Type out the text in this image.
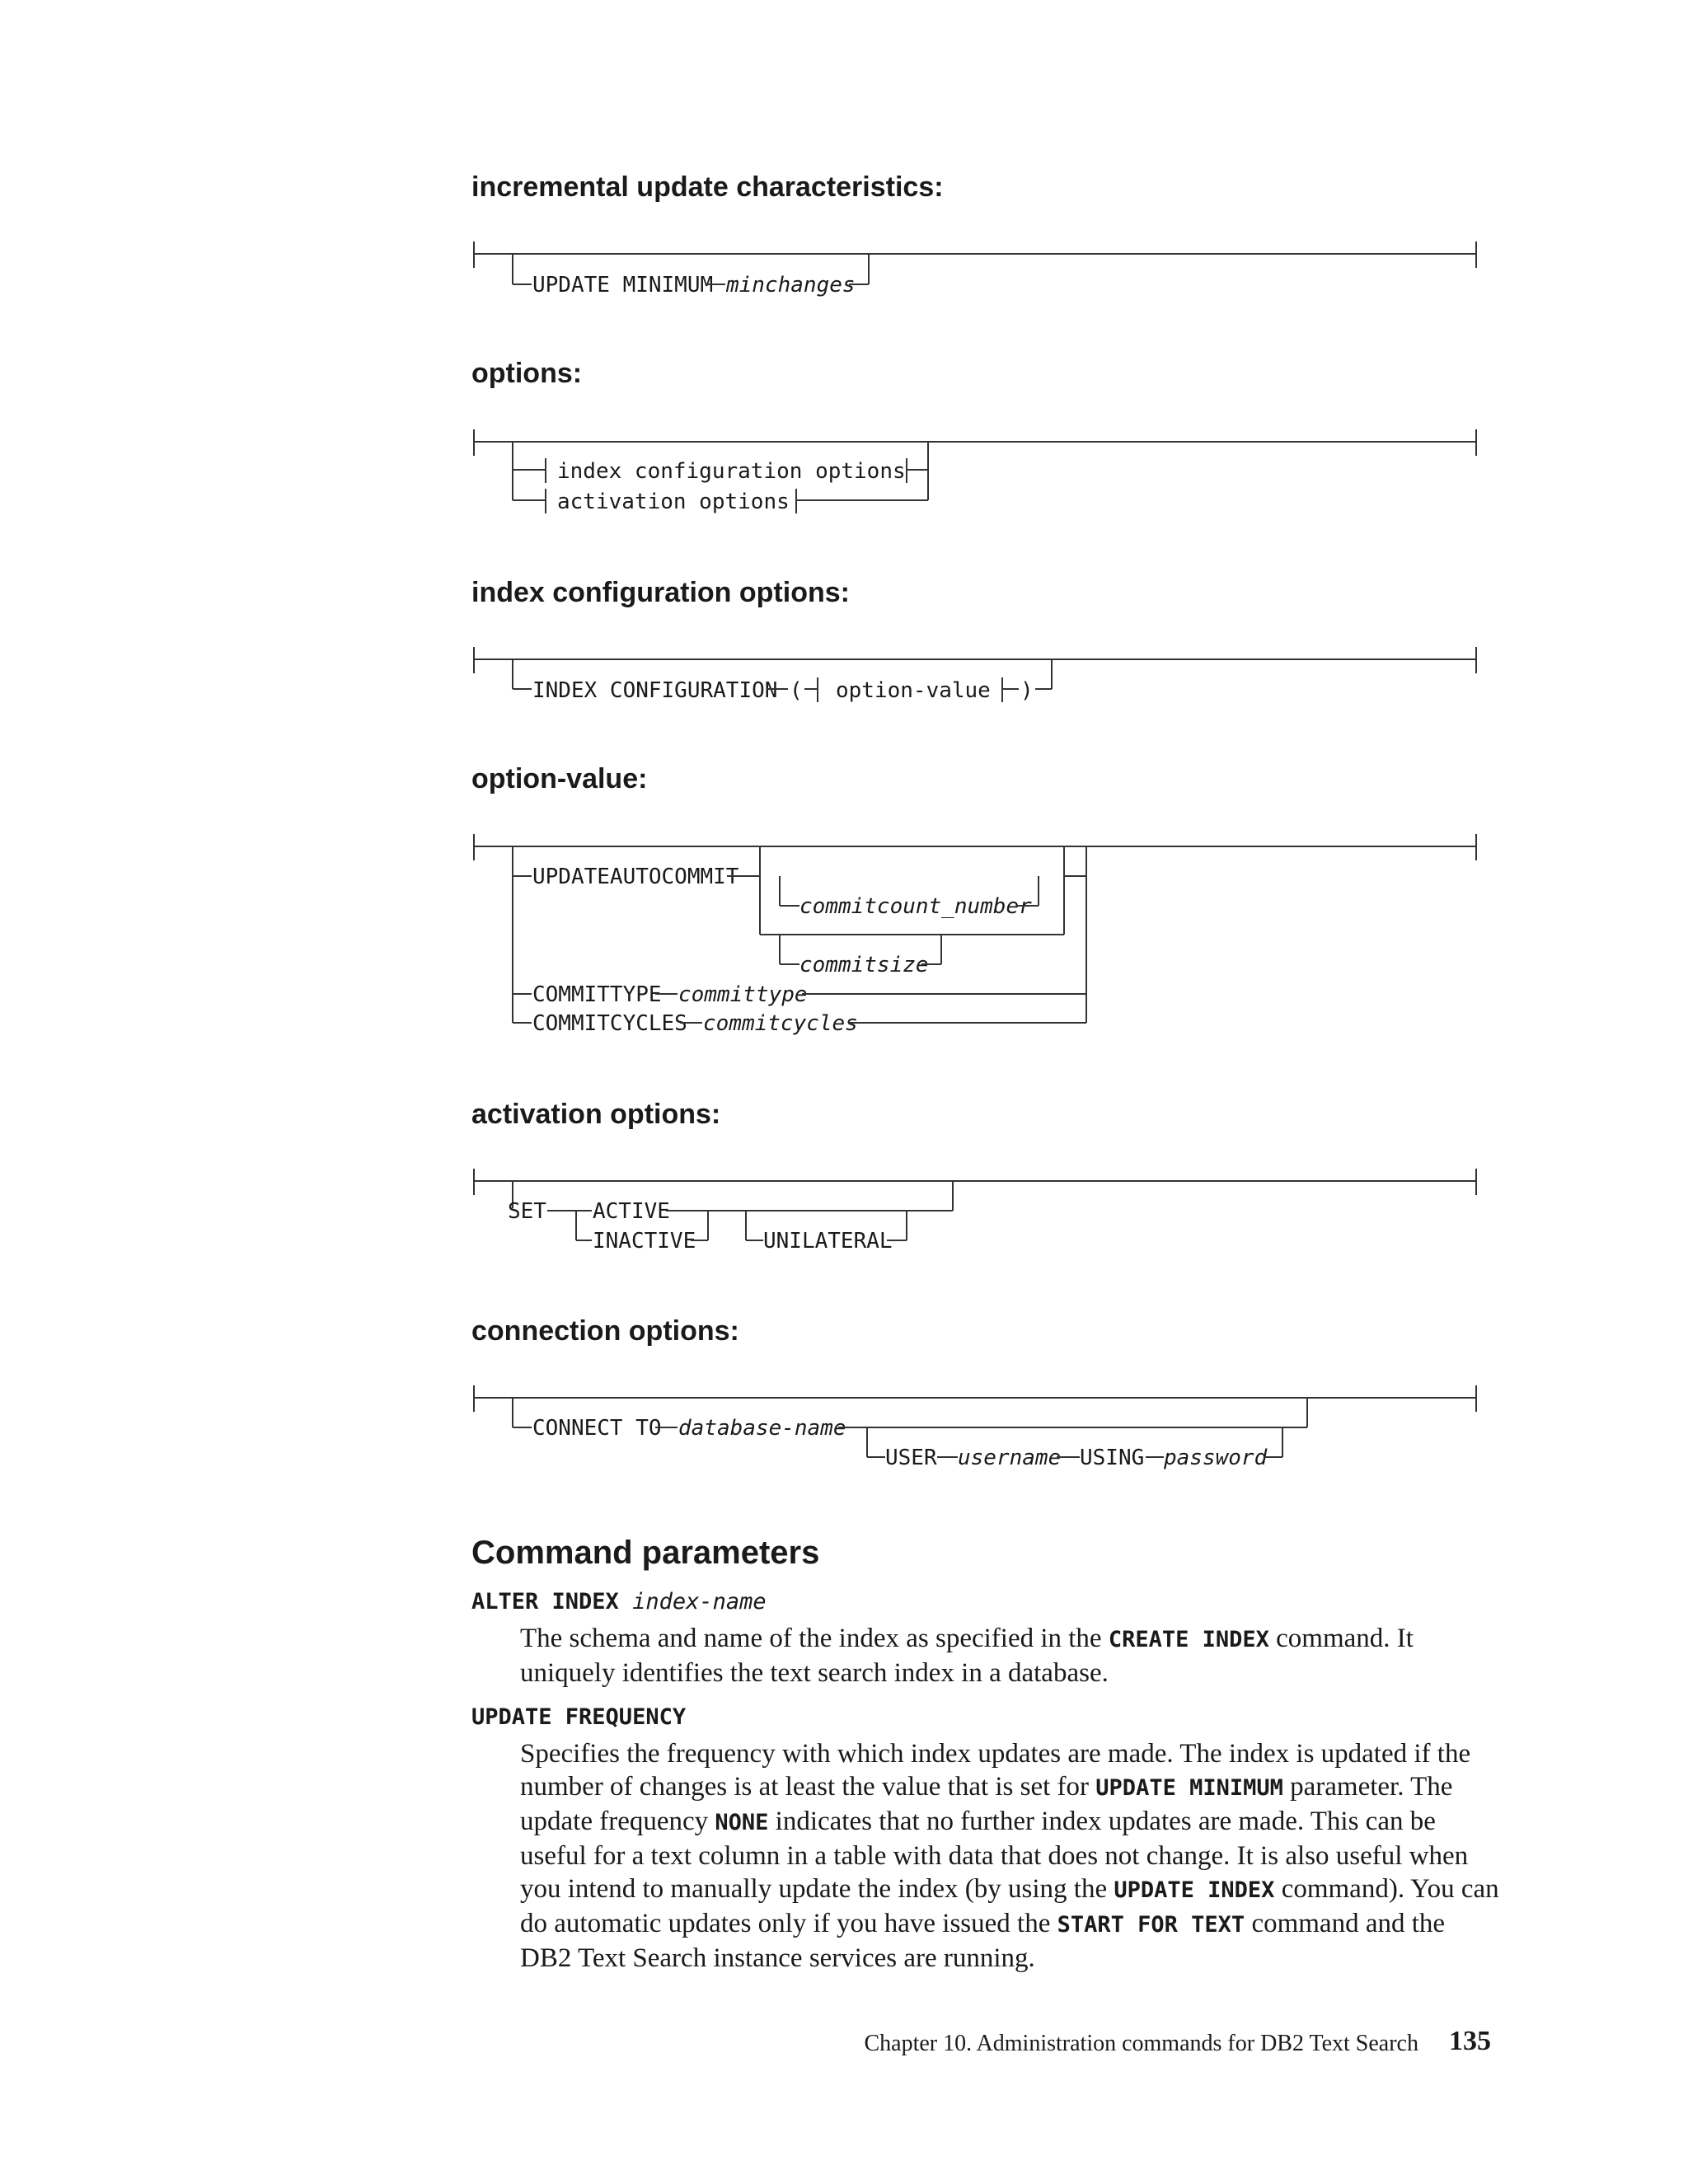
incremental update characteristics:
options:
index configuration options:
option-value:
activation options:
connection options:
UPDATE MINIMUM minchanges
index configuration options
activation options
INDEX CONFIGURATION ( option-value )
UPDATEAUTOCOMMIT
commitcount_number
commitsize
COMMITTYPE committype
COMMITCYCLES commitcycles
SET ACTIVE
INACTIVE	UNILATERAL
CONNECT TO database-name
USER username USING password
Command parameters

ALTER INDEX index-name

The schema and name of the index as specified in the CREATE INDEX command. It uniquely identifies the text search index in a database.

UPDATE FREQUENCY

Specifies the frequency with which index updates are made. The index is updated if the number of changes is at least the value that is set for UPDATE MINIMUM parameter. The update frequency NONE indicates that no further index updates are made. This can be useful for a text column in a table with data that does not change. It is also useful when you intend to manually update the index (by using the UPDATE INDEX command). You can do automatic updates only if you have issued the START FOR TEXT command and the DB2 Text Search instance services are running.

Chapter 10. Administration commands for DB2 Text Search 135
